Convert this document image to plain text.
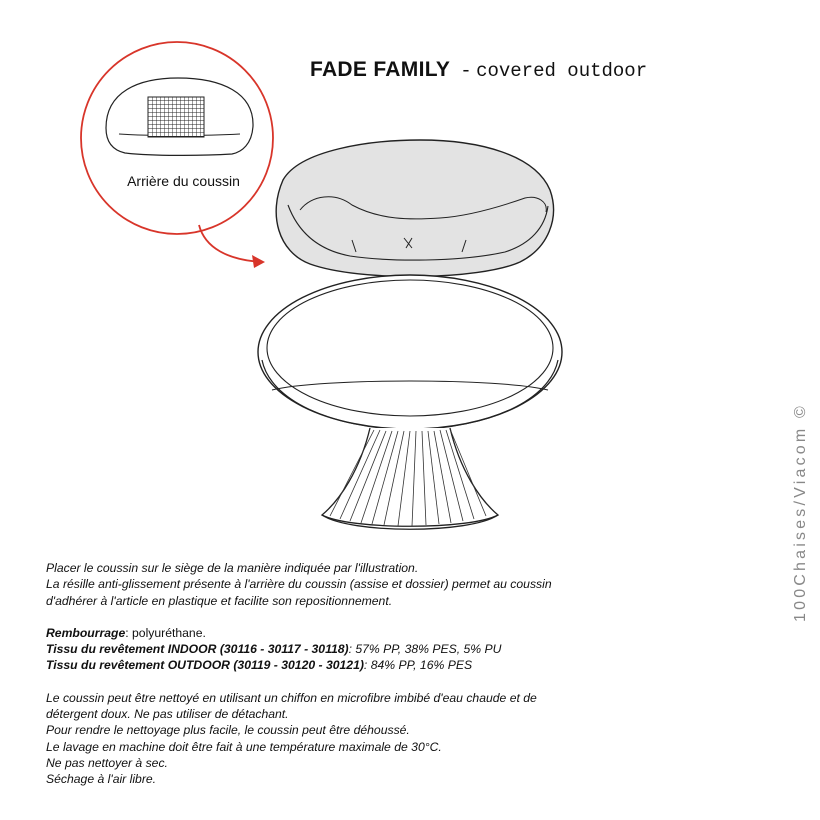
FADE FAMILY - covered outdoor
Arrière du coussin
100Chaises/Viacom ©

Placer le coussin sur le siège de la manière indiquée par l'illustration.

La résille anti-glissement présente à l'arrière du coussin (assise et dossier) permet au coussin

d'adhérer à l'article en plastique et facilite son repositionnement.

Rembourrage: polyuréthane.

Tissu du revêtement INDOOR (30116 - 30117 - 30118): 57% PP, 38% PES, 5% PU

Tissu du revêtement OUTDOOR (30119 - 30120 - 30121): 84% PP, 16% PES

Le coussin peut être nettoyé en utilisant un chiffon en microfibre imbibé d'eau chaude et de

détergent doux. Ne pas utiliser de détachant.

Pour rendre le nettoyage plus facile, le coussin peut être déhoussé.

Le lavage en machine doit être fait à une température maximale de 30°C.

Ne pas nettoyer à sec.

Séchage à l'air libre.
